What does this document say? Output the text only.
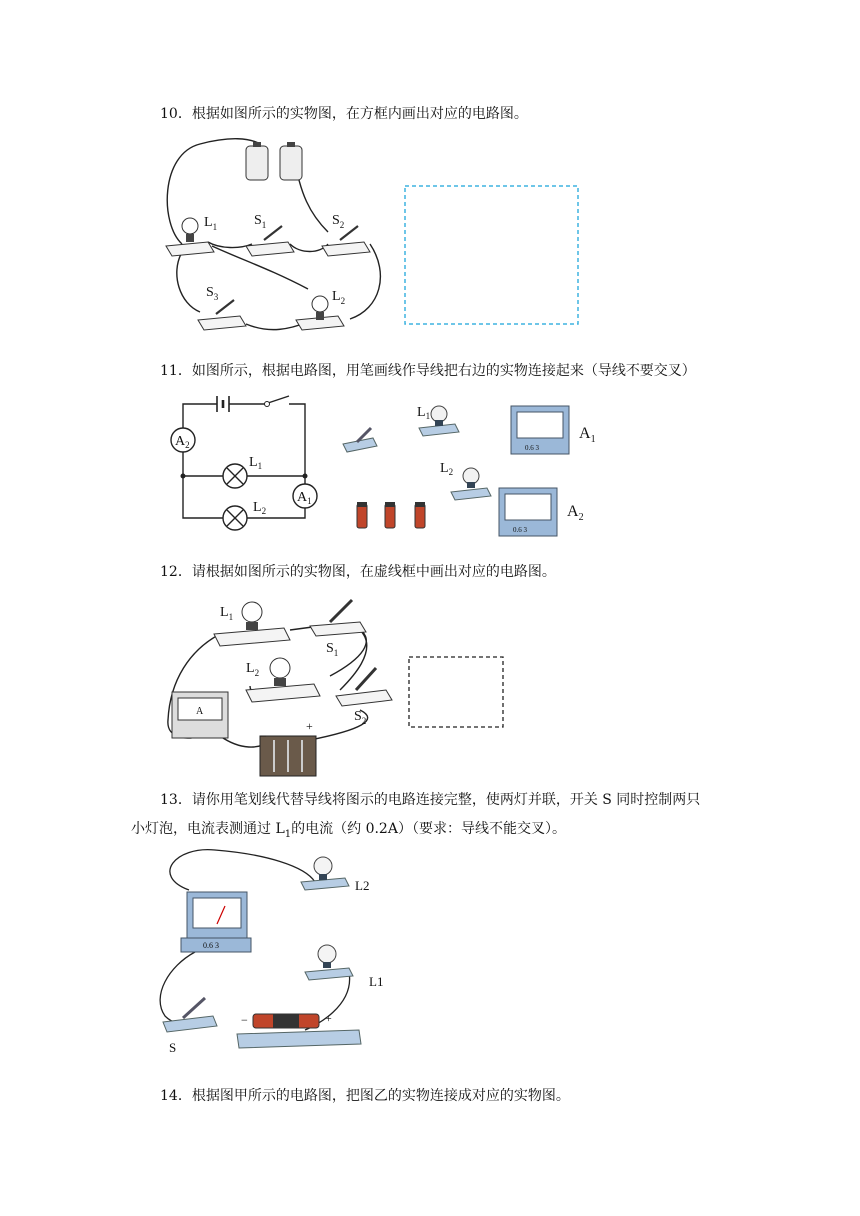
10．根据如图所示的实物图，在方框内画出对应的电路图。
$L_1$	$S_1$	$S_2$
$S_3$	$L_2$
11．如图所示，根据电路图，用笔画线作导线把右边的实物连接起来（导线不要交叉）
$A_2$
$A_1$
$L_1$
$L_2$
$L_1$
$L_2$
0.6 3
$A_1$
0.6 3
$A_2$
12．请根据如图所示的实物图，在虚线框中画出对应的电路图。
$L_1$
$S_1$
$L_2$
$S_2$
A
−
+
13．请你用笔划线代替导线将图示的电路连接完整，使两灯并联，开关 S 同时控制两只
小灯泡，电流表测通过 $L_1$的电流（约 0.2A）（要求：导线不能交叉）。
0.6 3
L2
L1
S
−	+
14．根据图甲所示的电路图，把图乙的实物连接成对应的实物图。
